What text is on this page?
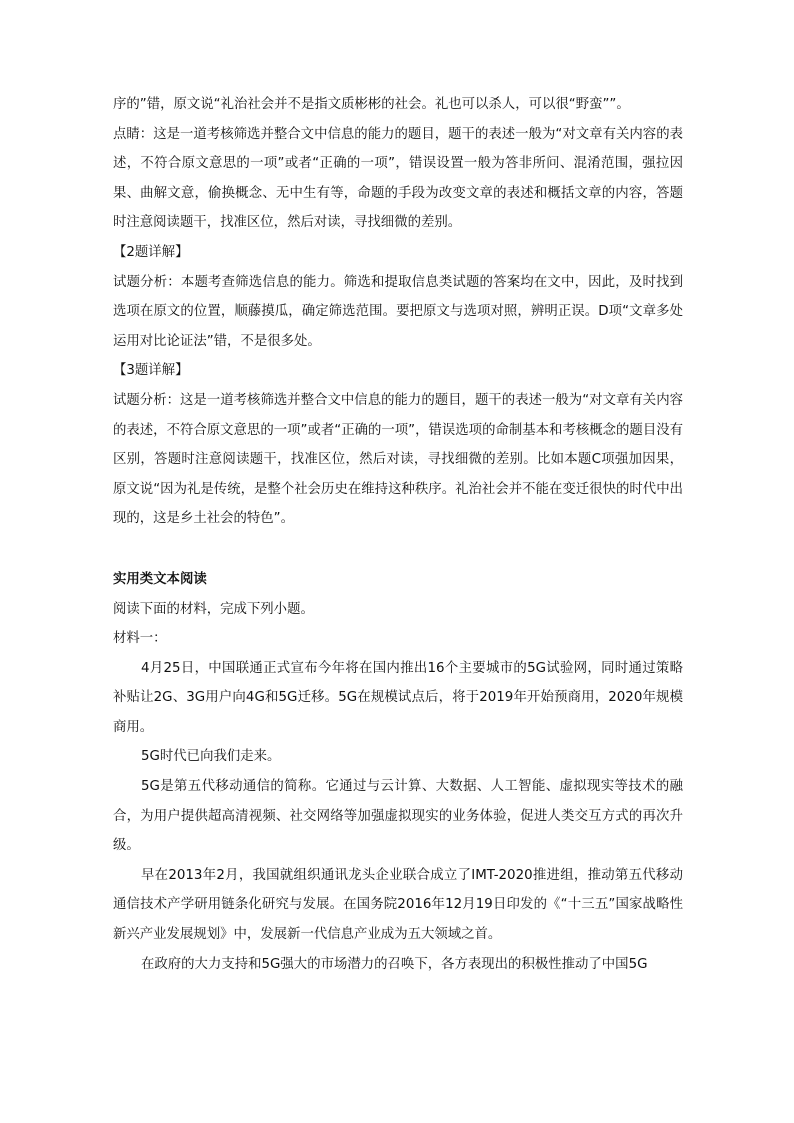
序的”错，原文说“礼治社会并不是指文质彬彬的社会。礼也可以杀人，可以很“野蛮””。

点睛：这是一道考核筛选并整合文中信息的能力的题目，题干的表述一般为“对文章有关内容的表述，不符合原文意思的一项”或者“正确的一项”，错误设置一般为答非所问、混淆范围，强拉因果、曲解文意，偷换概念、无中生有等，命题的手段为改变文章的表述和概括文章的内容，答题时注意阅读题干，找准区位，然后对读，寻找细微的差别。

【2题详解】

试题分析：本题考查筛选信息的能力。筛选和提取信息类试题的答案均在文中，因此，及时找到选项在原文的位置，顺藤摸瓜，确定筛选范围。要把原文与选项对照，辨明正误。D项“文章多处运用对比论证法”错，不是很多处。

【3题详解】

试题分析：这是一道考核筛选并整合文中信息的能力的题目，题干的表述一般为“对文章有关内容的表述，不符合原文意思的一项”或者“正确的一项”，错误选项的命制基本和考核概念的题目没有区别，答题时注意阅读题干，找准区位，然后对读，寻找细微的差别。比如本题C项强加因果，原文说“因为礼是传统，是整个社会历史在维持这种秩序。礼治社会并不能在变迁很快的时代中出现的，这是乡土社会的特色”。

实用类文本阅读

阅读下面的材料，完成下列小题。

材料一：

4月25日，中国联通正式宣布今年将在国内推出16个主要城市的5G试验网，同时通过策略补贴让2G、3G用户向4G和5G迁移。5G在规模试点后，将于2019年开始预商用，2020年规模商用。

5G时代已向我们走来。

5G是第五代移动通信的简称。它通过与云计算、大数据、人工智能、虚拟现实等技术的融合，为用户提供超高清视频、社交网络等加强虚拟现实的业务体验，促进人类交互方式的再次升级。

早在2013年2月，我国就组织通讯龙头企业联合成立了IMT-2020推进组，推动第五代移动通信技术产学研用链条化研究与发展。在国务院2016年12月19日印发的《“十三五”国家战略性新兴产业发展规划》中，发展新一代信息产业成为五大领域之首。

在政府的大力支持和5G强大的市场潜力的召唤下，各方表现出的积极性推动了中国5G
